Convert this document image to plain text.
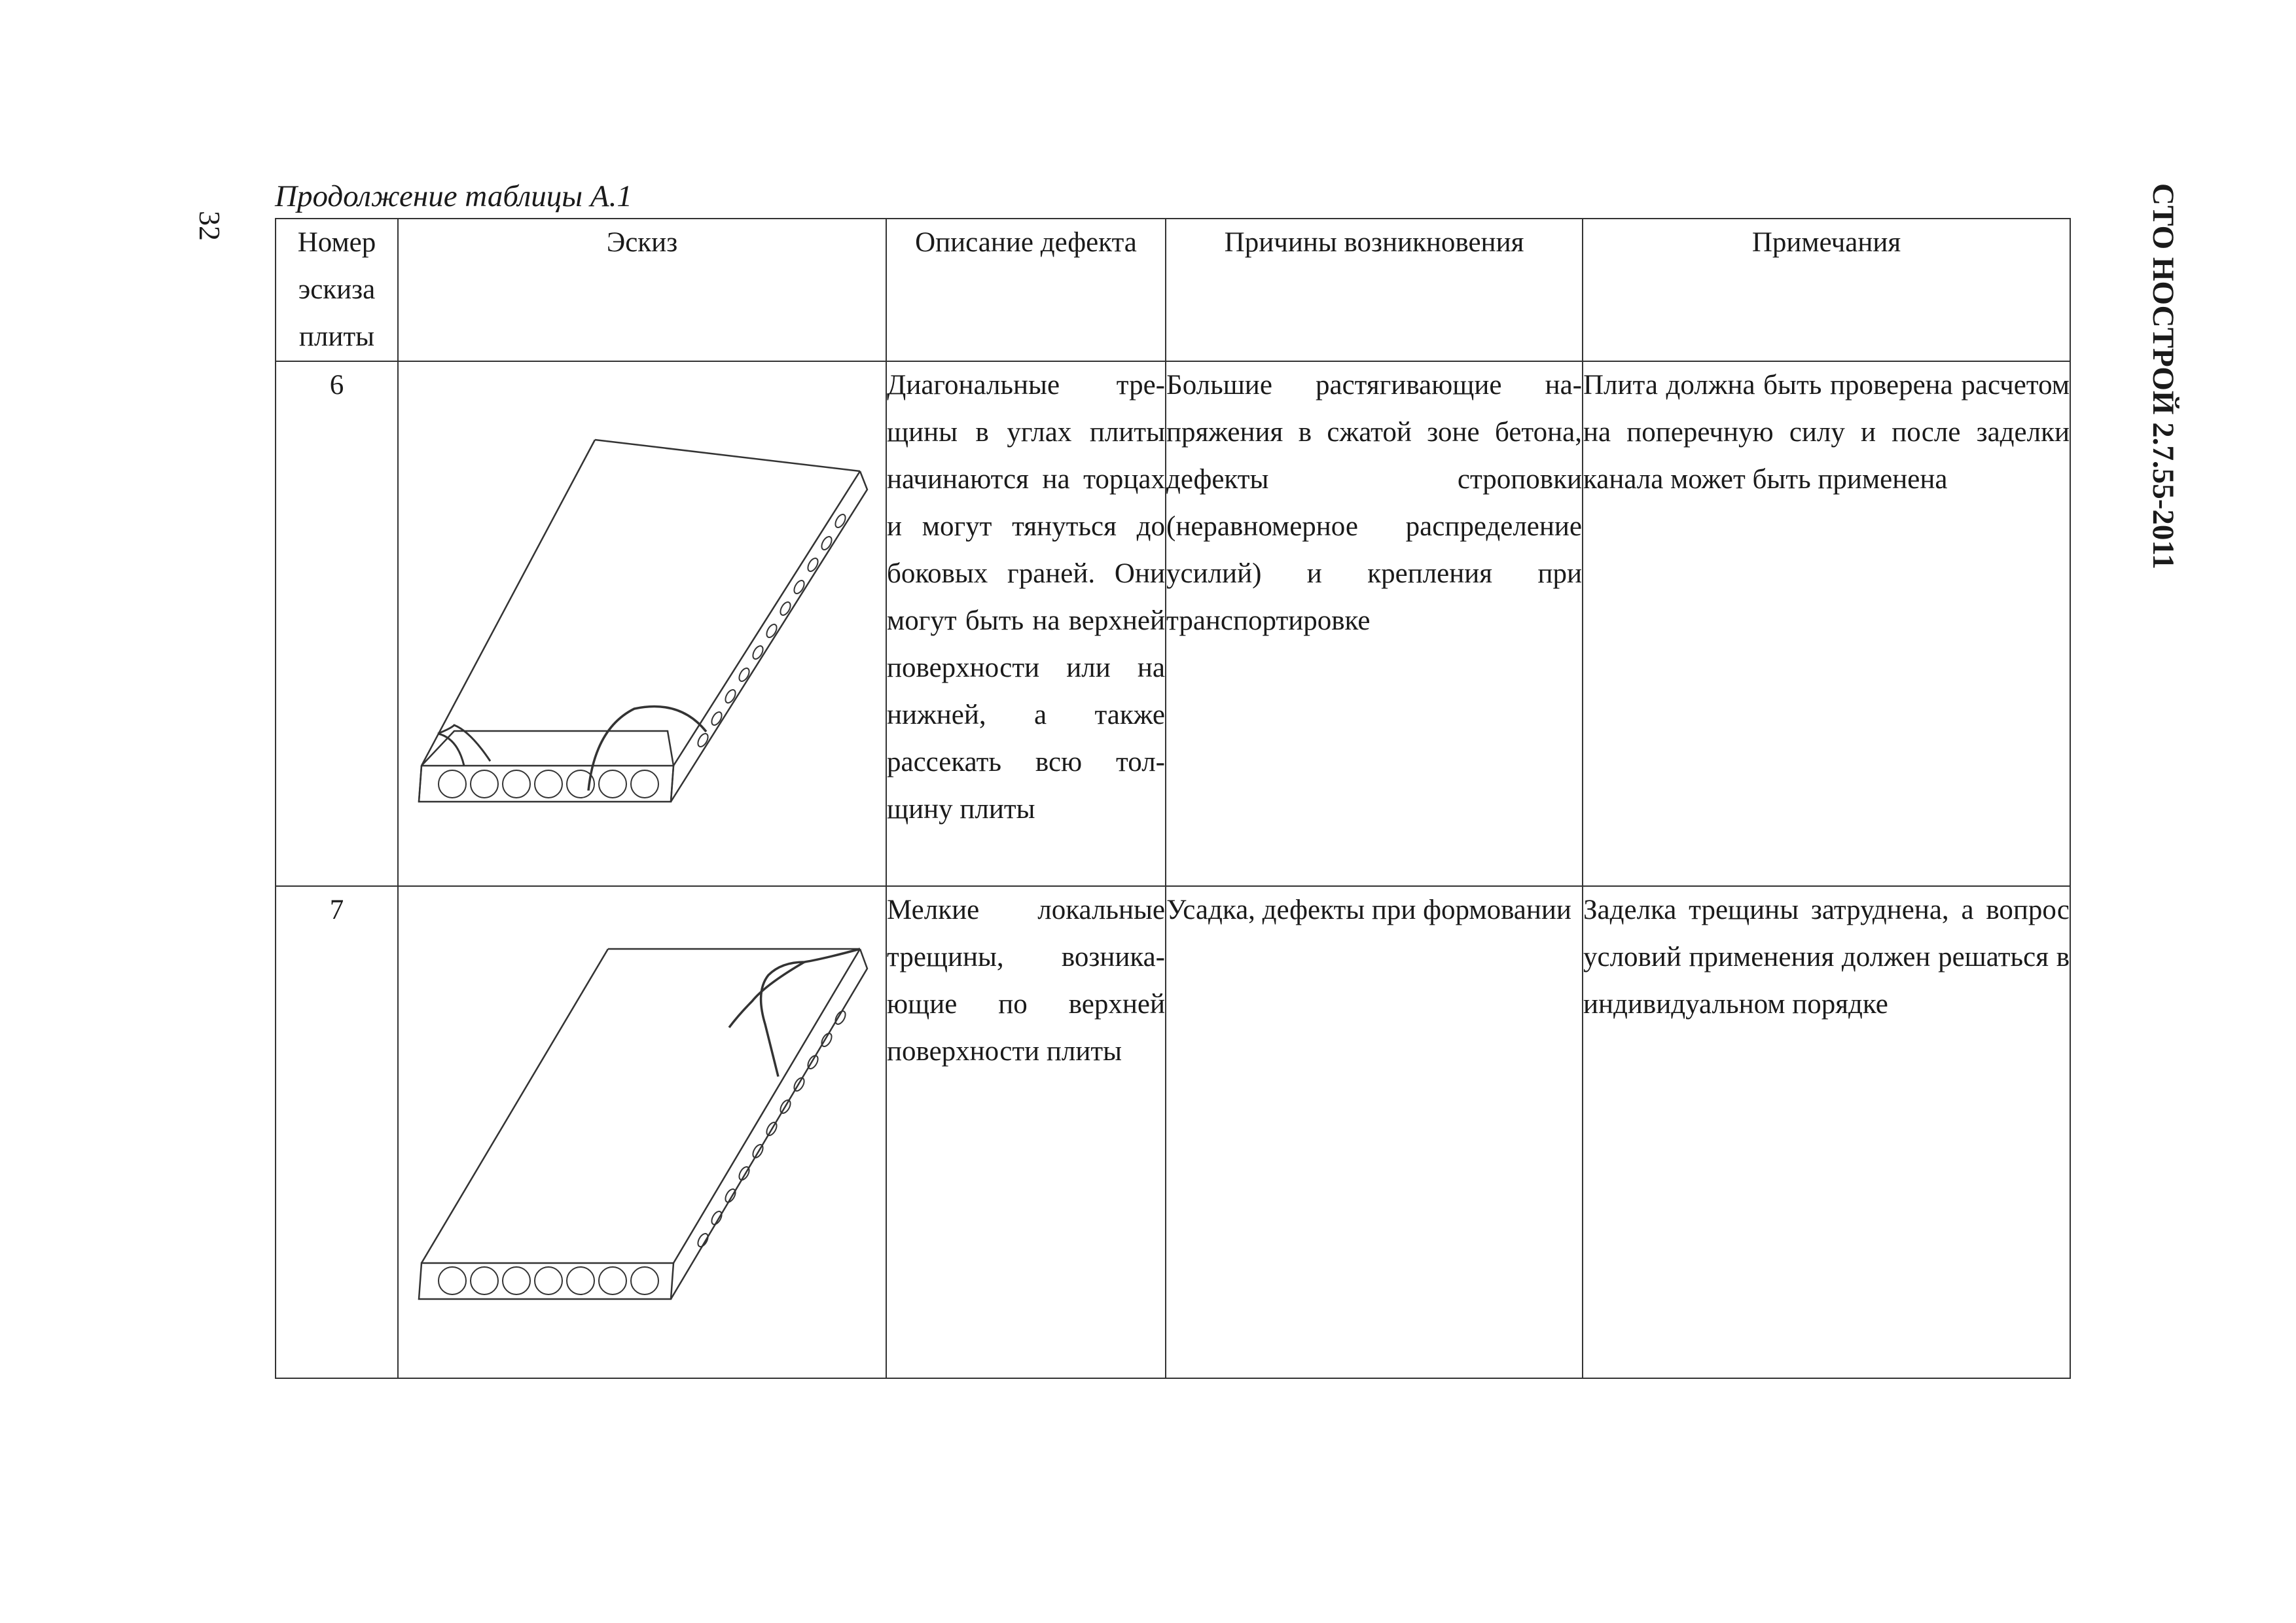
32	СТО НОСТРОЙ 2.7.55-2011
Продолжение таблицы А.1
Номер эскиза плиты	Эскиз	Описание дефекта	Причины возникновения	Примечания
6		Диагональные трещины в углах плиты начинаются на торцах и могут тянуться до боковых граней. Они могут быть на верхней поверхности или на нижней, а также рассекать всю толщину плиты	Большие растягивающие напряжения в сжатой зоне бетона, дефекты строповки (неравномерное распределение усилий) и крепления при транспортировке	Плита должна быть проверена расчетом на поперечную силу и после заделки канала может быть применена
7		Мелкие локальные трещины, возникающие по верхней поверхности плиты	Усадка, дефекты при формовании	Заделка трещины затруднена, а вопрос условий применения должен решаться в индивидуальном порядке
